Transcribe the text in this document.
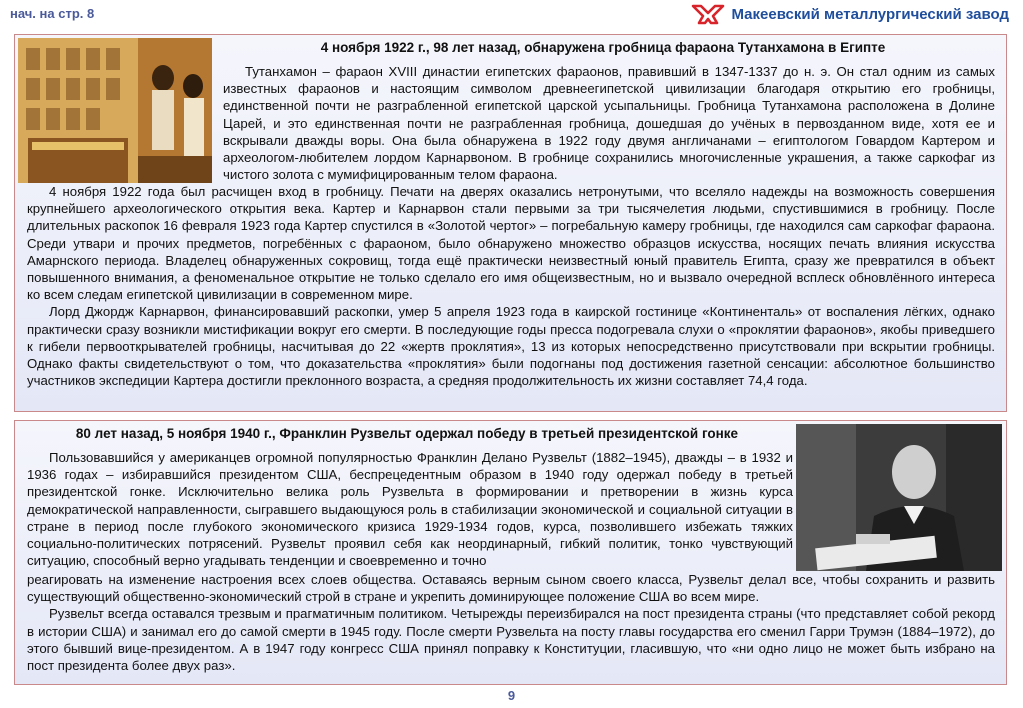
нач. на стр. 8	Макеевский металлургический завод
4 ноября 1922 г., 98 лет назад, обнаружена гробница фараона Тутанхамона в Египте

Тутанхамон – фараон XVIII династии египетских фараонов, правивший в 1347-1337 до н. э. Он стал одним из самых известных фараонов и настоящим символом древнеегипетской цивилизации благодаря открытию его гробницы, единственной почти не разграбленной египетской царской усыпальницы. Гробница Тутанхамона расположена в Долине Царей, и это единственная почти не разграбленная гробница, дошедшая до учёных в первозданном виде, хотя ее и вскрывали дважды воры. Она была обнаружена в 1922 году двумя англичанами – египтологом Говардом Картером и археологом-любителем лордом Карнарвоном. В гробнице сохранились многочисленные украшения, а также саркофаг из чистого золота с мумифицированным телом фараона.

4 ноября 1922 года был расчищен вход в гробницу. Печати на дверях оказались нетронутыми, что вселяло надежды на возможность совершения крупнейшего археологического открытия века. Картер и Карнарвон стали первыми за три тысячелетия людьми, спустившимися в гробницу. После длительных раскопок 16 февраля 1923 года Картер спустился в «Золотой чертог» – погребальную камеру гробницы, где находился сам саркофаг фараона. Среди утвари и прочих предметов, погребённых с фараоном, было обнаружено множество образцов искусства, носящих печать влияния искусства Амарнского периода. Владелец обнаруженных сокровищ, тогда ещё практически неизвестный юный правитель Египта, сразу же превратился в объект повышенного внимания, а феноменальное открытие не только сделало его имя общеизвестным, но и вызвало очередной всплеск обновлённого интереса ко всем следам египетской цивилизации в современном мире.

Лорд Джордж Карнарвон, финансировавший раскопки, умер 5 апреля 1923 года в каирской гостинице «Континенталь» от воспаления лёгких, однако практически сразу возникли мистификации вокруг его смерти. В последующие годы пресса подогревала слухи о «проклятии фараонов», якобы приведшего к гибели первооткрывателей гробницы, насчитывая до 22 «жертв проклятия», 13 из которых непосредственно присутствовали при вскрытии гробницы. Однако факты свидетельствуют о том, что доказательства «проклятия» были подогнаны под достижения газетной сенсации: абсолютное большинство участников экспедиции Картера достигли преклонного возраста, а средняя продолжительность их жизни составляет 74,4 года.

80 лет назад, 5 ноября 1940 г., Франклин Рузвельт одержал победу в третьей президентской гонке

Пользовавшийся у американцев огромной популярностью Франклин Делано Рузвельт (1882–1945), дважды – в 1932 и 1936 годах – избиравшийся президентом США, беспрецедентным образом в 1940 году одержал победу в третьей президентской гонке. Исключительно велика роль Рузвельта в формировании и претворении в жизнь курса демократической направленности, сыгравшего выдающуюся роль в стабилизации экономической и социальной ситуации в стране в период после глубокого экономического кризиса 1929-1934 годов, курса, позволившего избежать тяжких социально-политических потрясений. Рузвельт проявил себя как неординарный, гибкий политик, тонко чувствующий ситуацию, способный верно угадывать тенденции и своевременно и точно

реагировать на изменение настроения всех слоев общества. Оставаясь верным сыном своего класса, Рузвельт делал все, чтобы сохранить и развить существующий общественно-экономический строй в стране и укрепить доминирующее положение США во всем мире.

Рузвельт всегда оставался трезвым и прагматичным политиком. Четырежды переизбирался на пост президента страны (что представляет собой рекорд в истории США) и занимал его до самой смерти в 1945 году. После смерти Рузвельта на посту главы государства его сменил Гарри Трумэн (1884–1972), до этого бывший вице-президентом. А в 1947 году конгресс США принял поправку к Конституции, гласившую, что «ни одно лицо не может быть избрано на пост президента более двух раз».

9
